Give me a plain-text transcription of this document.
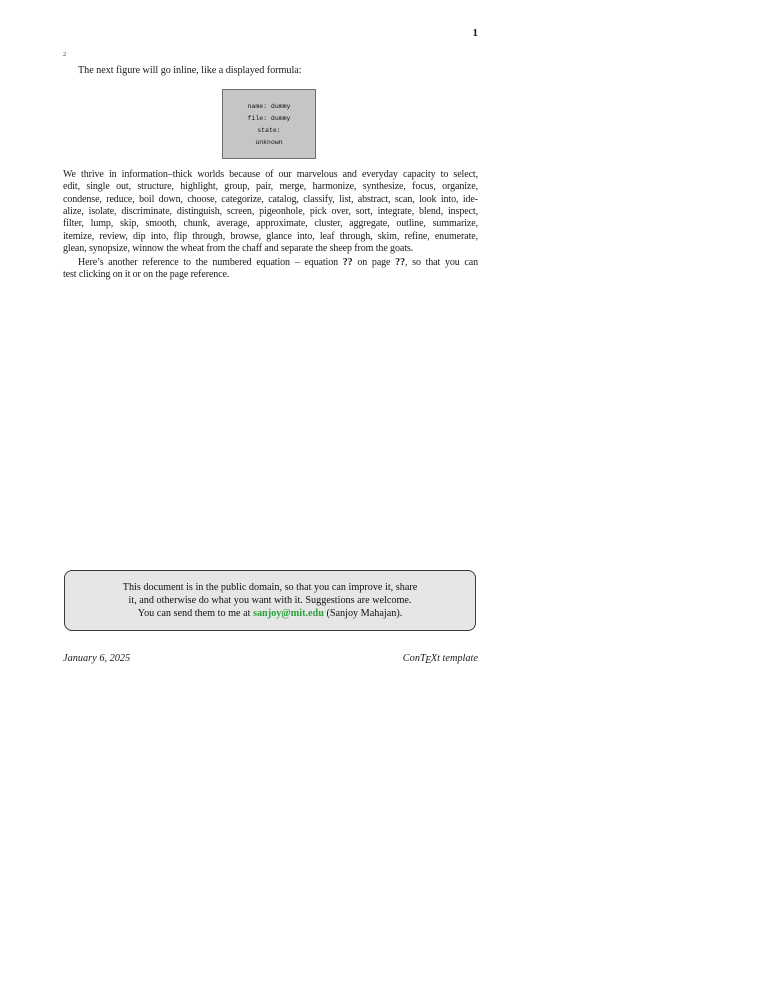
1
2
The next figure will go inline, like a displayed formula:
name: dummy
file: dummy
state:
unknown
We thrive in information–thick worlds because of our marvelous and everyday capacity to select,
edit, single out, structure, highlight, group, pair, merge, harmonize, synthesize, focus, organize,
condense, reduce, boil down, choose, categorize, catalog, classify, list, abstract, scan, look into, ide-
alize, isolate, discriminate, distinguish, screen, pigeonhole, pick over, sort, integrate, blend, inspect,
filter, lump, skip, smooth, chunk, average, approximate, cluster, aggregate, outline, summarize,
itemize, review, dip into, flip through, browse, glance into, leaf through, skim, refine, enumerate,
glean, synopsize, winnow the wheat from the chaff and separate the sheep from the goats.
Here’s another reference to the numbered equation – equation ?? on page ??, so that you can
test clicking on it or on the page reference.
This document is in the public domain, so that you can improve it, share
it, and otherwise do what you want with it. Suggestions are welcome.
You can send them to me at sanjoy@mit.edu (Sanjoy Mahajan).
January 6, 2025	ConTEXt template
